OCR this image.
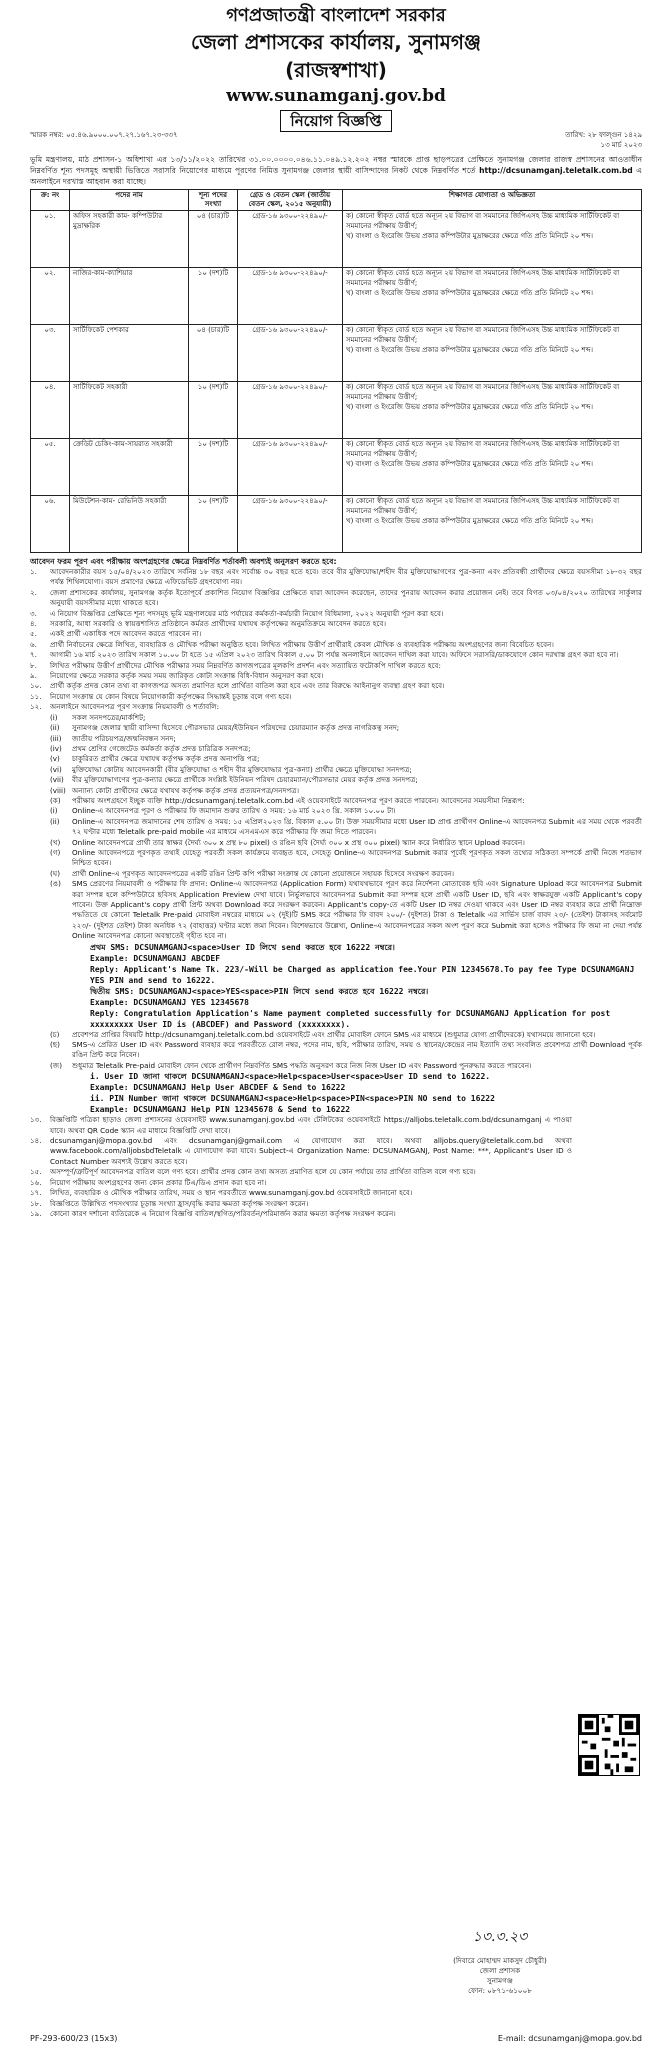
গণপ্রজাতন্ত্রী বাংলাদেশ সরকার
জেলা প্রশাসকের কার্যালয়, সুনামগঞ্জ
(রাজস্বশাখা)
www.sunamganj.gov.bd
নিয়োগ বিজ্ঞপ্তি
স্মারক নম্বর: ০৫.৪৬.৯০০০.০০৭.২৭.১৬৭.২৩-৩৩৭	তারিখ: ২৮ ফাল্গুন ১৪২৯
১৩ মার্চ ২০২৩
ভূমি মন্ত্রণালয়, মাঠ প্রশাসন-১ অধিশাখা এর ১৩/১১/২০২২ তারিখের ৩১.০০.০০০০.০৪৬.১১.০৪৯.১২.২০২ নম্বর স্মারকে প্রাপ্ত ছাড়পত্রের প্রেক্ষিতে সুনামগঞ্জ জেলার রাজস্ব প্রশাসনের আওতাধীন নিম্নবর্ণিত শূন্য পদসমূহ অস্থায়ী ভিত্তিতে সরাসরি নিয়োগের মাধ্যমে পূরণের নিমিত্ত সুনামগঞ্জ জেলার স্থায়ী বাসিন্দাদের নিকট থেকে নিম্নবর্ণিত শর্তে http://dcsunamganj.teletalk.com.bd এ অনলাইনে দরখাস্ত আহবান করা যাচ্ছে।
ক্র: নং	পদের নাম	শূন্য পদের সংখ্যা	গ্রেড ও বেতন স্কেল (জাতীয় বেতন স্কেল, ২০১৫ অনুযায়ী)	শিক্ষাগত যোগ্যতা ও অভিজ্ঞতা
০১.	অফিস সহকারী কাম- কম্পিউটার মুদ্রাক্ষরিক	০৪ (চার)টি	গ্রেড-১৬ ৯৩০০-২২৪৯০/-	ক) কোনো স্বীকৃত বোর্ড হতে অন্যূন ২য় বিভাগ বা সমমানের জিপিএসহ উচ্চ মাধ্যমিক সার্টিফিকেট বা সমমানের পরীক্ষায় উত্তীর্ণ;
খ) বাংলা ও ইংরেজি উভয় প্রকার কম্পিউটার মুদ্রাক্ষরের ক্ষেত্রে গতি প্রতি মিনিটে ২০ শব্দ।

০২.	নাজির-কাম-ক্যাশিয়ার	১০ (দশ)টি	গ্রেড-১৬ ৯৩০০-২২৪৯০/-	ক) কোনো স্বীকৃত বোর্ড হতে অন্যূন ২য় বিভাগ বা সমমানের জিপিএসহ উচ্চ মাধ্যমিক সার্টিফিকেট বা সমমানের পরীক্ষায় উত্তীর্ণ;
খ) বাংলা ও ইংরেজি উভয় প্রকার কম্পিউটার মুদ্রাক্ষরের ক্ষেত্রে গতি প্রতি মিনিটে ২০ শব্দ।

০৩.	সার্টিফিকেট পেশকার	০৪ (চার)টি	গ্রেড-১৬ ৯৩০০-২২৪৯০/-	ক) কোনো স্বীকৃত বোর্ড হতে অন্যূন ২য় বিভাগ বা সমমানের জিপিএসহ উচ্চ মাধ্যমিক সার্টিফিকেট বা সমমানের পরীক্ষায় উত্তীর্ণ;
খ) বাংলা ও ইংরেজি উভয় প্রকার কম্পিউটার মুদ্রাক্ষরের ক্ষেত্রে গতি প্রতি মিনিটে ২০ শব্দ।

০৪.	সার্টিফিকেট সহকারী	১০ (দশ)টি	গ্রেড-১৬ ৯৩০০-২২৪৯০/-	ক) কোনো স্বীকৃত বোর্ড হতে অন্যূন ২য় বিভাগ বা সমমানের জিপিএসহ উচ্চ মাধ্যমিক সার্টিফিকেট বা সমমানের পরীক্ষায় উত্তীর্ণ;
খ) বাংলা ও ইংরেজি উভয় প্রকার কম্পিউটার মুদ্রাক্ষরের ক্ষেত্রে গতি প্রতি মিনিটে ২০ শব্দ।

০৫.	ক্রেডিট চেকিং-কাম-সায়রাত সহকারী	১০ (দশ)টি	গ্রেড-১৬ ৯৩০০-২২৪৯০/-	ক) কোনো স্বীকৃত বোর্ড হতে অন্যূন ২য় বিভাগ বা সমমানের জিপিএসহ উচ্চ মাধ্যমিক সার্টিফিকেট বা সমমানের পরীক্ষায় উত্তীর্ণ;
খ) বাংলা ও ইংরেজি উভয় প্রকার কম্পিউটার মুদ্রাক্ষরের ক্ষেত্রে গতি প্রতি মিনিটে ২০ শব্দ।

০৬.	মিউটেশন-কাম- রেভিনিউ সহকারী	১০ (দশ)টি	গ্রেড-১৬ ৯৩০০-২২৪৯০/-	ক) কোনো স্বীকৃত বোর্ড হতে অন্যূন ২য় বিভাগ বা সমমানের জিপিএসহ উচ্চ মাধ্যমিক সার্টিফিকেট বা সমমানের পরীক্ষায় উত্তীর্ণ;
খ) বাংলা ও ইংরেজি উভয় প্রকার কম্পিউটার মুদ্রাক্ষরের ক্ষেত্রে গতি প্রতি মিনিটে ২০ শব্দ।
আবেদন ফরম পূরণ এবং পরীক্ষায় অংশগ্রহণের ক্ষেত্রে নিম্নবর্ণিত শর্তাবলী অবশ্যই অনুসরণ করতে হবে:
১.	আবেদনকারীর বয়স ১৫/০৪/২০২৩ তারিখে সর্বনিম্ন ১৮ বছর এবং সর্বোচ্চ ৩০ বছর হতে হবে। তবে বীর মুক্তিযোদ্ধা/শহীদ বীর মুক্তিযোদ্ধাগণের পুত্র-কন্যা এবং প্রতিবন্ধী প্রার্থীদের ক্ষেত্রে বয়সসীমা ১৮-৩২ বছর পর্যন্ত শিথিলযোগ্য। বয়স প্রমাণের ক্ষেত্রে এফিডেভিট গ্রহণযোগ্য নয়।
২.	জেলা প্রশাসকের কার্যালয়, সুনামগঞ্জ কর্তৃক ইতোপূর্বে প্রকাশিত নিয়োগ বিজ্ঞপ্তির প্রেক্ষিতে যারা আবেদন করেছেন, তাদের পুনরায় আবেদন করার প্রয়োজন নেই। তবে বিগত ০৩/০৪/২০২০ তারিখের সার্কুলার অনুযায়ী বয়সসীমার মধ্যে থাকতে হবে।
৩.	এ নিয়োগ বিজ্ঞপ্তির প্রেক্ষিতে শূন্য পদসমূহ ভূমি মন্ত্রণালয়ের মাঠ পর্যায়ের কর্মকর্তা-কর্মচারী নিয়োগ বিধিমালা, ২০২২ অনুযায়ী পূরণ করা হবে।
৪.	সরকারি, আধা সরকারি ও স্বায়ত্তশাসিত প্রতিষ্ঠানে কর্মরত প্রার্থীদের যথাযথ কর্তৃপক্ষের অনুমতিক্রমে আবেদন করতে হবে।
৫.	একই প্রার্থী একাধিক পদে আবেদন করতে পারবেন না।
৬.	প্রার্থী নির্বাচনের ক্ষেত্রে লিখিত, ব্যবহারিক ও মৌখিক পরীক্ষা অনুষ্ঠিত হবে। লিখিত পরীক্ষায় উত্তীর্ণ প্রার্থীরাই কেবল মৌখিক ও ব্যবহারিক পরীক্ষায় অংশগ্রহণের জন্য বিবেচিত হবেন।
৭.	আগামী ১৬ মার্চ ২০২৩ তারিখ সকাল ১০.০০ টা হতে ১৫ এপ্রিল ২০২৩ তারিখ বিকাল ৫.০০ টা পর্যন্ত অনলাইনে আবেদন দাখিল করা যাবে। অফিসে সরাসরি/ডাকযোগে কোন দরখাস্ত গ্রহণ করা হবে না।
৮.	লিখিত পরীক্ষায় উত্তীর্ণ প্রার্থীদের মৌখিক পরীক্ষার সময় নিম্নবর্ণিত কাগজপত্রের মূলকপি প্রদর্শন এবং সত্যায়িত ফটোকপি দাখিল করতে হবে:
৯.	নিয়োগের ক্ষেত্রে সরকার কর্তৃক সময় সময় জারিকৃত কোটা সংক্রান্ত বিধি-বিধান অনুসরণ করা হবে।
১০.	প্রার্থী কর্তৃক প্রদত্ত কোন তথ্য বা কাগজপত্র অসত্য প্রমাণিত হলে প্রার্থিতা বাতিল করা হবে এবং তার বিরুদ্ধে আইনানুগ ব্যবস্থা গ্রহণ করা হবে।
১১.	নিয়োগ সংক্রান্ত যে কোন বিষয়ে নিয়োগকারী কর্তৃপক্ষের সিদ্ধান্তই চূড়ান্ত বলে গণ্য হবে।
১২.	অনলাইনে আবেদনপত্র পূরণ সংক্রান্ত নিয়মাবলী ও শর্তাবলি:
(i)	সকল সনদপত্রের/মার্কশিট;
(ii)	সুনামগঞ্জ জেলার স্থায়ী বাসিন্দা হিসেবে পৌরসভার মেয়র/ইউনিয়ন পরিষদের চেয়ারম্যান কর্তৃক প্রদত্ত নাগরিকত্ব সনদ;
(iii)	জাতীয় পরিচয়পত্র/জন্মনিবন্ধন সনদ;
(iv)	প্রথম শ্রেণির গেজেটেড কর্মকর্তা কর্তৃক প্রদত্ত চারিত্রিক সনদপত্র;
(v)	চাকুরিরত প্রার্থীর ক্ষেত্রে যথাযথ কর্তৃপক্ষ কর্তৃক প্রদত্ত অনাপত্তি পত্র;
(vi)	মুক্তিযোদ্ধা কোটায় আবেদনকারী (বীর মুক্তিযোদ্ধা ও শহীদ বীর মুক্তিযোদ্ধার পুত্র-কন্যা) প্রার্থীর ক্ষেত্রে মুক্তিযোদ্ধা সনদপত্র;
(vii)	বীর মুক্তিযোদ্ধাগণের পুত্র-কন্যার ক্ষেত্রে প্রার্থীকে সংশ্লিষ্ট ইউনিয়ন পরিষদ চেয়ারম্যান/পৌরসভার মেয়র কর্তৃক প্রদত্ত সনদপত্র;
(viii) অন্যান্য কোটা প্রার্থীদের ক্ষেত্রে যথাযথ কর্তৃপক্ষ কর্তৃক প্রদত্ত প্রত্যয়নপত্র/সনদপত্র।
(ক)	পরীক্ষায় অংশগ্রহণে ইচ্ছুক ব্যক্তি http://dcsunamganj.teletalk.com.bd এই ওয়েবসাইটে আবেদনপত্র পূরণ করতে পারবেন। আবেদনের সময়সীমা নিম্নরূপ:
(i)	Online-এ আবেদনপত্র পূরণ ও পরীক্ষার ফি জমাদান শুরুর তারিখ ও সময়: ১৬ মার্চ ২০২৩ খ্রি. সকাল ১০.০০ টা।
(ii)	Online-এ আবেদনপত্র জমাদানের শেষ তারিখ ও সময়: ১৫ এপ্রিল২০২৩ খ্রি. বিকাল ৫.০০ টা। উক্ত সময়সীমার মধ্যে User ID প্রাপ্ত প্রার্থীগণ Online-এ আবেদনপত্র Submit এর সময় থেকে পরবর্তী ৭২ ঘণ্টার মধ্যে Teletalk pre-paid mobile এর মাধ্যমে এসএমএস করে পরীক্ষার ফি জমা দিতে পারবেন।
(খ)	Online আবেদনপত্রে প্রার্থী তার স্বাক্ষর (দৈর্ঘ্য ৩০০ x প্রস্থ ৮০ pixel) ও রঙিন ছবি (দৈর্ঘ্য ৩০০ x প্রস্থ ৩০০ pixel) স্ক্যান করে নির্ধারিত স্থানে Upload করবেন।
(গ)	Online আবেদনপত্রে পূরণকৃত তথ্যই যেহেতু পরবর্তী সকল কার্যক্রমে ব্যবহৃত হবে, সেহেতু Online-এ আবেদনপত্র Submit করার পূর্বেই পূরণকৃত সকল তথ্যের সঠিকতা সম্পর্কে প্রার্থী নিজে শতভাগ নিশ্চিত হবেন।
(ঘ)	প্রার্থী Online-এ পূরণকৃত আবেদনপত্রের একটি রঙিন প্রিন্ট কপি পরীক্ষা সংক্রান্ত যে কোনো প্রয়োজনে সহায়ক হিসেবে সংরক্ষণ করবেন।
(ঙ)	SMS প্রেরণের নিয়মাবলী ও পরীক্ষার ফি প্রদান: Online-এ আবেদনপত্র (Application Form) যথাযথভাবে পূরণ করে নির্দেশনা মোতাবেক ছবি এবং Signature Upload করে আবেদনপত্র Submit করা সম্পন্ন হলে কম্পিউটারে ছবিসহ Application Preview দেখা যাবে। নির্ভুলভাবে আবেদনপত্র Submit করা সম্পন্ন হলে প্রার্থী একটি User ID, ছবি এবং স্বাক্ষরযুক্ত একটি Applicant's copy পাবেন। উক্ত Applicant's copy প্রার্থী প্রিন্ট অথবা Download করে সংরক্ষণ করবেন। Applicant's copy-তে একটি User ID নম্বর দেওয়া থাকবে এবং User ID নম্বর ব্যবহার করে প্রার্থী নিম্নোক্ত পদ্ধতিতে যে কোনো Teletalk Pre-paid মোবাইল নম্বরের মাধ্যমে ০২ (দুই)টি SMS করে পরীক্ষার ফি বাবদ ২০০/- (দুইশত) টাকা ও Teletalk এর সার্ভিস চার্জ বাবদ ২৩/- (তেইশ) টাকাসহ সর্বমোট ২২৩/- (দুইশত তেইশ) টাকা অনধিক ৭২ (বাহাত্তর) ঘণ্টার মধ্যে জমা দিবেন। বিশেষভাবে উল্লেখ্য, Online-এ আবেদনপত্রের সকল অংশ পূরণ করে Submit করা হলেও পরীক্ষার ফি জমা না দেয়া পর্যন্ত Online আবেদনপত্র কোনো অবস্থাতেই গৃহীত হবে না।
প্রথম SMS: DCSUNAMGANJ<space>User ID লিখে send করতে হবে 16222 নম্বরে।
Example: DCSUNAMGANJ ABCDEF
Reply: Applicant's Name Tk. 223/-Will be Charged as application fee.Your PIN 12345678.To pay fee Type DCSUNAMGANJ YES PIN and send to 16222.
দ্বিতীয় SMS: DCSUNAMGANJ<space>YES<space>PIN লিখে send করতে হবে 16222 নম্বরে।
Example: DCSUNAMGANJ YES 12345678
Reply: Congratulation Application's Name payment completed successfully for DCSUNAMGANJ Application for post xxxxxxxxx User ID is (ABCDEF) and Password (xxxxxxxx).
(চ)	প্রবেশপত্র প্রাপ্তির বিষয়টি http://dcsunamganj.teletalk.com.bd ওয়েবসাইটে এবং প্রার্থীর মোবাইল ফোনে SMS এর মাধ্যমে (শুধুমাত্র যোগ্য প্রার্থীদেরকে) যথাসময়ে জানানো হবে।
(ছ)	SMS-এ প্রেরিত User ID এবং Password ব্যবহার করে পরবর্তীতে রোল নম্বর, পদের নাম, ছবি, পরীক্ষার তারিখ, সময় ও স্থানের/কেন্দ্রের নাম ইত্যাদি তথ্য সংবলিত প্রবেশপত্র প্রার্থী Download পূর্বক রঙিন প্রিন্ট করে নিবেন।
(জ)	শুধুমাত্র Teletalk Pre-paid মোবাইল ফোন থেকে প্রার্থীগণ নিম্নবর্ণিত SMS পদ্ধতি অনুসরণ করে নিজ নিজ User ID এবং Password পুনরুদ্ধার করতে পারবেন।
i. User ID জানা থাকলে DCSUNAMGANJ<space>Help<space>User<space>User ID send to 16222.
Example: DCSUNAMGANJ Help User ABCDEF & Send to 16222
ii. PIN Number জানা থাকলে DCSUNAMGANJ<space>Help<space>PIN<space>PIN NO send to 16222
Example: DCSUNAMGANJ Help PIN 12345678 & Send to 16222
১৩.	বিজ্ঞপ্তিটি পত্রিকা ছাড়াও জেলা প্রশাসনের ওয়েবসাইট www.sunamganj.gov.bd এবং টেলিটকের ওয়েবসাইটে https://alljobs.teletalk.com.bd/dcsunamganj এ পাওয়া যাবে। অথবা QR Code স্ক্যান এর মাধ্যমে বিজ্ঞপ্তিটি দেখা যাবে।
১৪.	dcsunamganj@mopa.gov.bd এবং dcsunamganj@gmail.com এ যোগাযোগ করা যাবে। অথবা alljobs.query@teletalk.com.bd অথবা www.facebook.com/alljobsbdTeletalk এ যোগাযোগ করা যাবে। Subject-এ Organization Name: DCSUNAMGANJ, Post Name: ***, Applicant's User ID ও Contact Number অবশ্যই উল্লেখ করতে হবে।
১৫.	অসম্পূর্ণ/ত্রুটিপূর্ণ আবেদনপত্র বাতিল বলে গণ্য হবে। প্রার্থীর প্রদত্ত কোন তথ্য অসত্য প্রমাণিত হলে যে কোন পর্যায়ে তার প্রার্থিতা বাতিল বলে গণ্য হবে।
১৬.	নিয়োগ পরীক্ষায় অংশগ্রহণের জন্য কোন প্রকার টিএ/ডিএ প্রদান করা হবে না।
১৭.	লিখিত, ব্যবহারিক ও মৌখিক পরীক্ষার তারিখ, সময় ও স্থান পরবর্তীতে www.sunamganj.gov.bd ওয়েবসাইটে জানানো হবে।
১৮.	বিজ্ঞপ্তিতে উল্লিখিত পদসংখ্যার চূড়ান্ত সংখ্যা হ্রাস/বৃদ্ধি করার ক্ষমতা কর্তৃপক্ষ সংরক্ষণ করেন।
১৯.	কোনো কারণ দর্শানো ব্যতিরেকে এ নিয়োগ বিজ্ঞপ্তি বাতিল/স্থগিত/পরিবর্তন/পরিমার্জন করার ক্ষমতা কর্তৃপক্ষ সংরক্ষণ করেন।
১৩.৩.২৩
(দিবারে মোহাম্মদ মাকসুদ চৌধুরী)
জেলা প্রশাসক
সুনামগঞ্জ
ফোন: ০৮৭১-৬১০০৮
PF-293-600/23 (15x3)	E-mail: dcsunamganj@mopa.gov.bd
